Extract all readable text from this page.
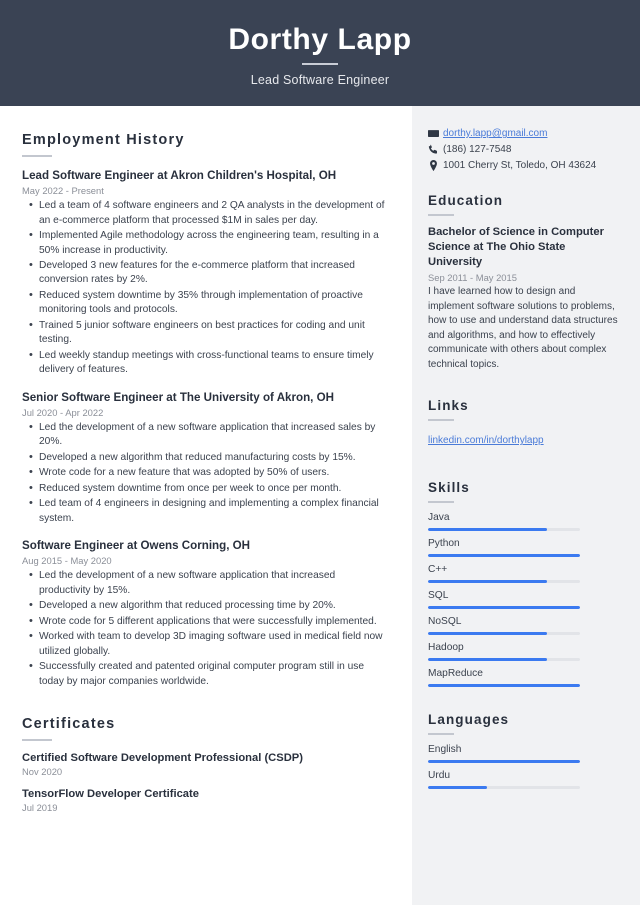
Dorthy Lapp
Lead Software Engineer
Employment History
Lead Software Engineer at Akron Children's Hospital, OH
May 2022 - Present
• Led a team of 4 software engineers and 2 QA analysts in the development of an e-commerce platform that processed $1M in sales per day.
• Implemented Agile methodology across the engineering team, resulting in a 50% increase in productivity.
• Developed 3 new features for the e-commerce platform that increased conversion rates by 2%.
• Reduced system downtime by 35% through implementation of proactive monitoring tools and protocols.
• Trained 5 junior software engineers on best practices for coding and unit testing.
• Led weekly standup meetings with cross-functional teams to ensure timely delivery of features.
Senior Software Engineer at The University of Akron, OH
Jul 2020 - Apr 2022
• Led the development of a new software application that increased sales by 20%.
• Developed a new algorithm that reduced manufacturing costs by 15%.
• Wrote code for a new feature that was adopted by 50% of users.
• Reduced system downtime from once per week to once per month.
• Led team of 4 engineers in designing and implementing a complex financial system.
Software Engineer at Owens Corning, OH
Aug 2015 - May 2020
• Led the development of a new software application that increased productivity by 15%.
• Developed a new algorithm that reduced processing time by 20%.
• Wrote code for 5 different applications that were successfully implemented.
• Worked with team to develop 3D imaging software used in medical field now utilized globally.
• Successfully created and patented original computer program still in use today by major companies worldwide.
Certificates
Certified Software Development Professional (CSDP)
Nov 2020
TensorFlow Developer Certificate
Jul 2019
dorthy.lapp@gmail.com
(186) 127-7548
1001 Cherry St, Toledo, OH 43624
Education
Bachelor of Science in Computer Science at The Ohio State University
Sep 2011 - May 2015
I have learned how to design and implement software solutions to problems, how to use and understand data structures and algorithms, and how to effectively communicate with others about complex technical topics.
Links
linkedin.com/in/dorthylapp
Skills
Java
Python
C++
SQL
NoSQL
Hadoop
MapReduce
Languages
English
Urdu
